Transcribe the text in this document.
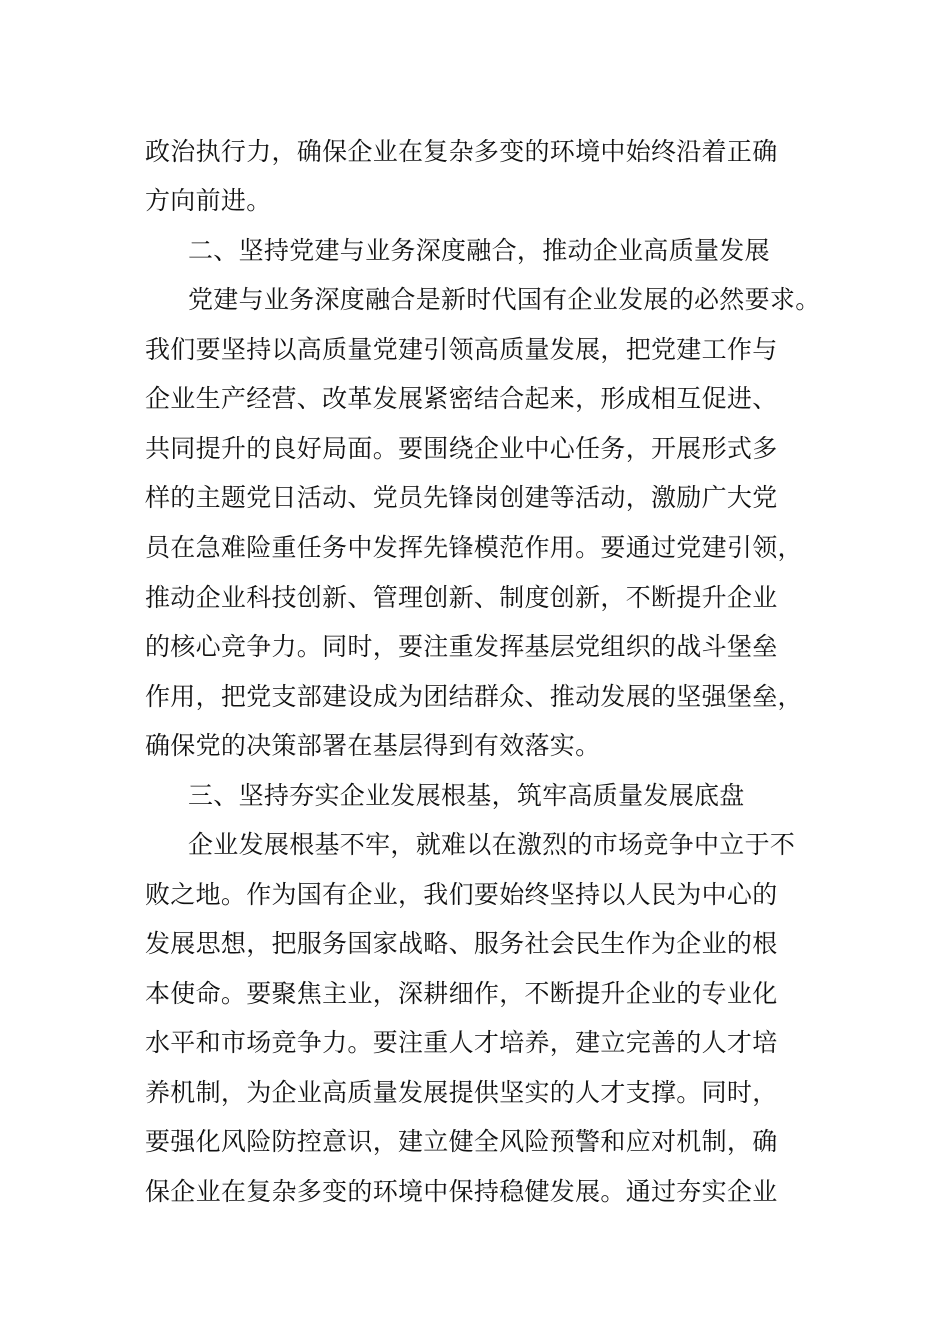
政治执行力，确保企业在复杂多变的环境中始终沿着正确
方向前进。
二、坚持党建与业务深度融合，推动企业高质量发展
党建与业务深度融合是新时代国有企业发展的必然要求。
我们要坚持以高质量党建引领高质量发展，把党建工作与
企业生产经营、改革发展紧密结合起来，形成相互促进、
共同提升的良好局面。要围绕企业中心任务，开展形式多
样的主题党日活动、党员先锋岗创建等活动，激励广大党
员在急难险重任务中发挥先锋模范作用。要通过党建引领，
推动企业科技创新、管理创新、制度创新，不断提升企业
的核心竞争力。同时，要注重发挥基层党组织的战斗堡垒
作用，把党支部建设成为团结群众、推动发展的坚强堡垒，
确保党的决策部署在基层得到有效落实。
三、坚持夯实企业发展根基，筑牢高质量发展底盘
企业发展根基不牢，就难以在激烈的市场竞争中立于不
败之地。作为国有企业，我们要始终坚持以人民为中心的
发展思想，把服务国家战略、服务社会民生作为企业的根
本使命。要聚焦主业，深耕细作，不断提升企业的专业化
水平和市场竞争力。要注重人才培养，建立完善的人才培
养机制，为企业高质量发展提供坚实的人才支撑。同时，
要强化风险防控意识，建立健全风险预警和应对机制，确
保企业在复杂多变的环境中保持稳健发展。通过夯实企业
